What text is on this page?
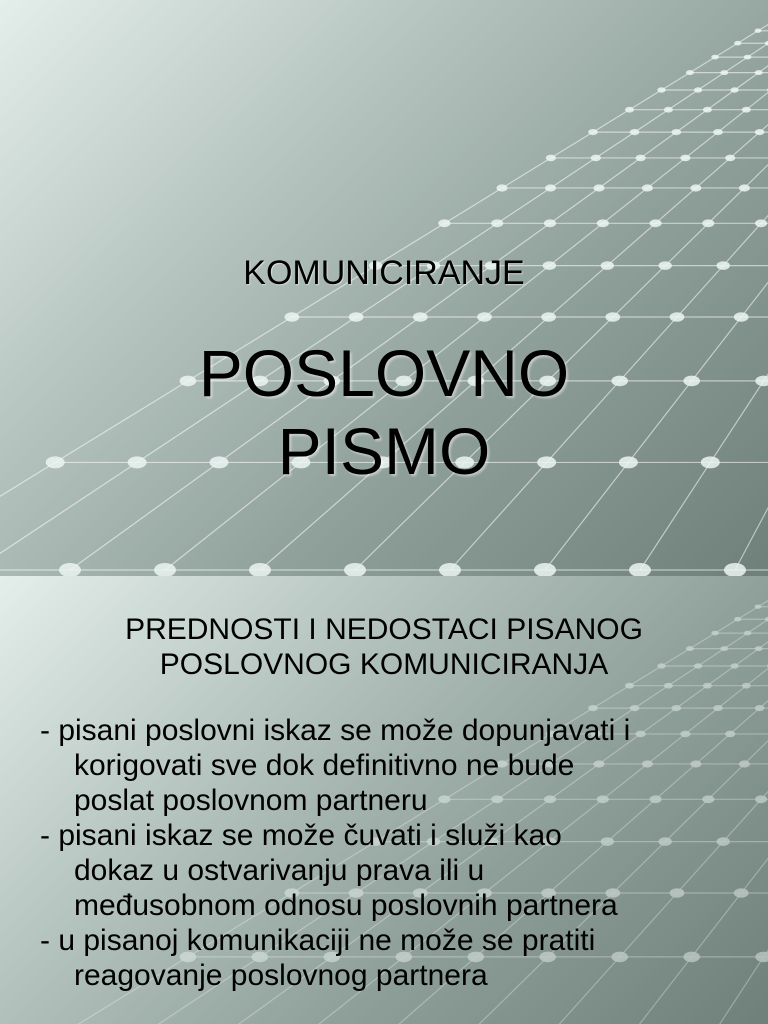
KOMUNICIRANJE
POSLOVNO
PISMO
PREDNOSTI I NEDOSTACI PISANOG
POSLOVNOG KOMUNICIRANJA
- pisani poslovni iskaz se može dopunjavati i
korigovati sve dok definitivno ne bude
poslat poslovnom partneru
- pisani iskaz se može čuvati i služi kao
dokaz u ostvarivanju prava ili u
međusobnom odnosu poslovnih partnera
- u pisanoj komunikaciji ne može se pratiti
reagovanje poslovnog partnera
